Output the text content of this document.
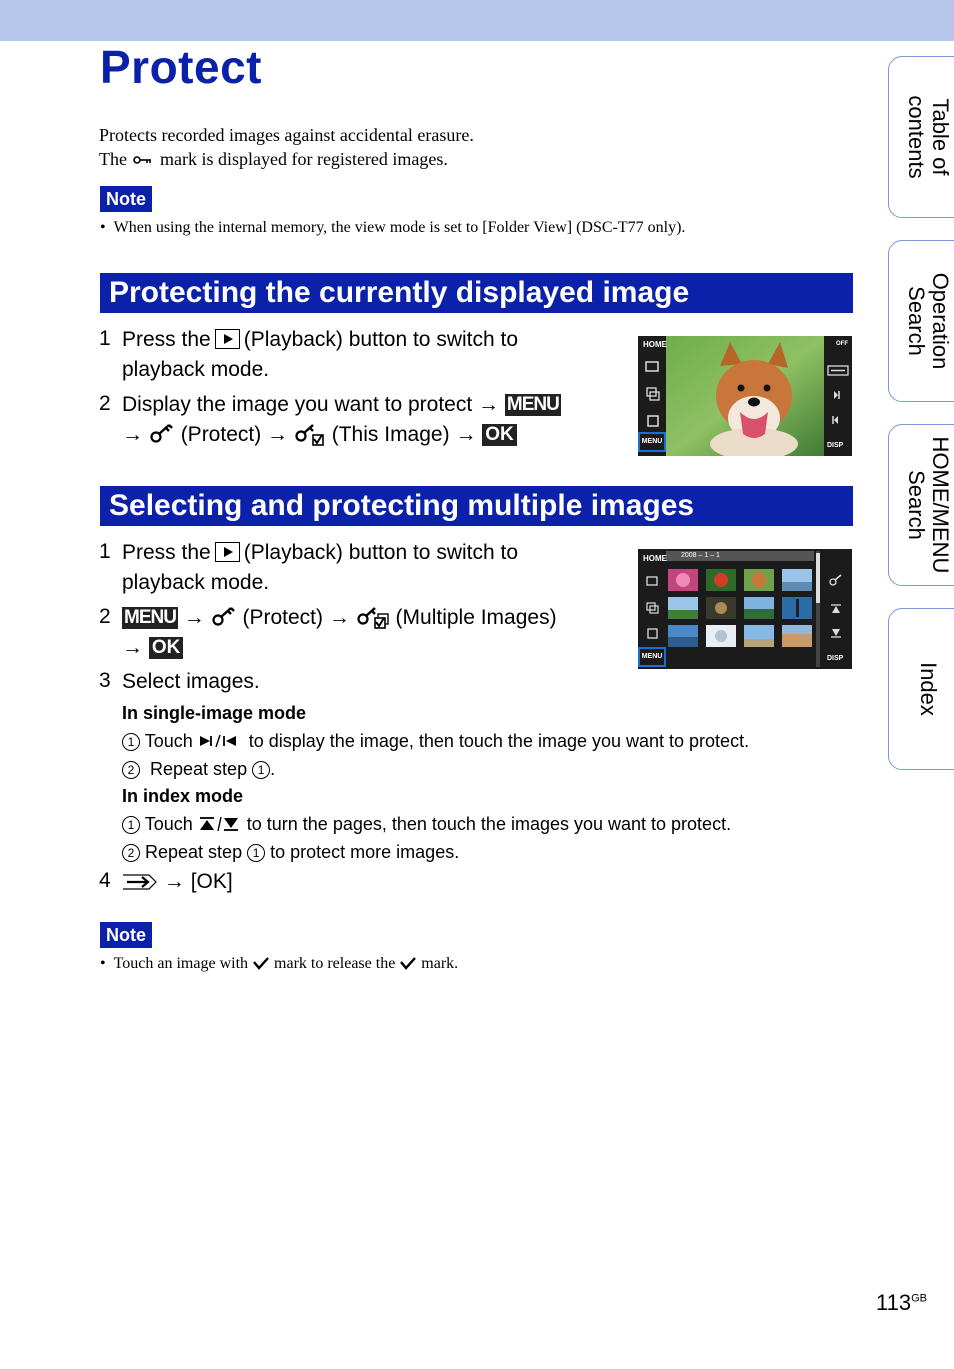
Protect
Protects recorded images against accidental erasure.
The mark is displayed for registered images.
Note
•  When using the internal memory, the view mode is set to [Folder View] (DSC-T77 only).
Protecting the currently displayed image
1 Press the (Playback) button to switch to
playback mode.
2 Display the image you want to protect → MENU
→ (Protect) → (This Image) → OK
HOME	OFF
DISP
MENU
Selecting and protecting multiple images
1 Press the (Playback) button to switch to
playback mode.
2 MENU → (Protect) → (Multiple Images)
→ OK
3 Select images.
In single-image mode
1 Touch	to display the image, then touch the image you want to protect.
2 Repeat step 1 .
In index mode
1 Touch	to turn the pages, then touch the images you want to protect.
2 Repeat step 1 to protect more images.
4	→ [OK]
HOME 2008 – 1 – 1
DISP
MENU
Note
•  Touch an image with mark to release the mark.
Table of
contents
Operation
Search
HOME/MENU
Search
Index
$113^{GB}$
